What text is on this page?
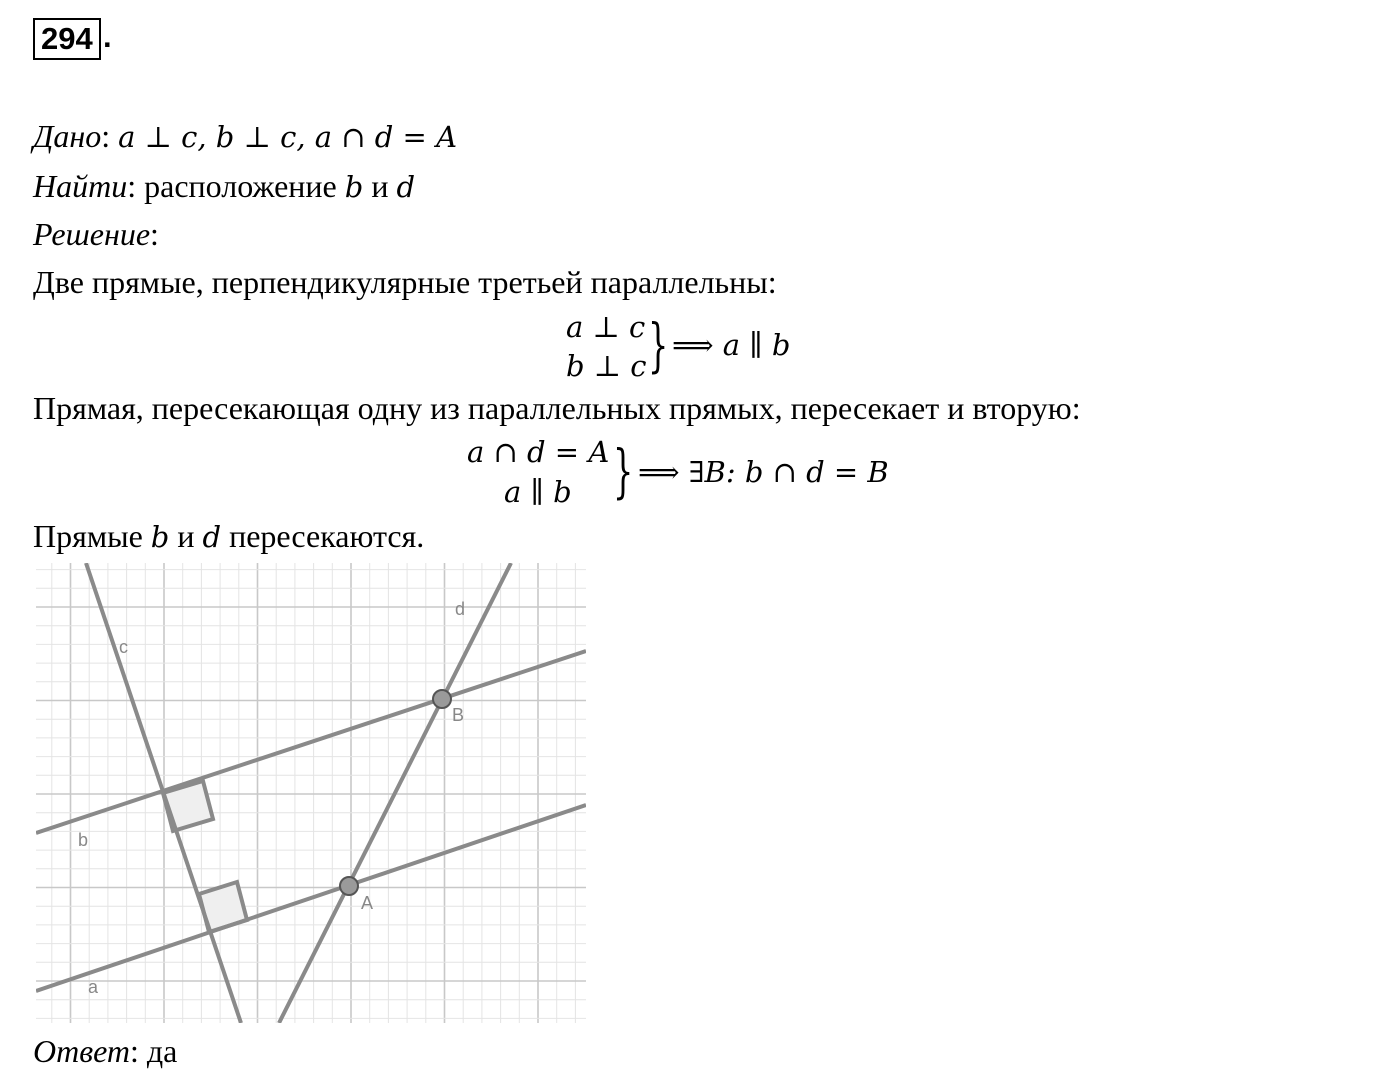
294 .
Дано: a ⊥ c, b ⊥ c, a ∩ d = A
Найти: расположение b и d
Решение:
Две прямые, перпендикулярные третьей параллельны:
a ⊥ c
b ⊥ c } ⟹ a ∥ b
Прямая, пересекающая одну из параллельных прямых, пересекает и вторую:
a ∩ d = A
a ∥ b } ⟹ ∃B: b ∩ d = B
Прямые b и d пересекаются.
c
d
B
b
A
a
Ответ: да
